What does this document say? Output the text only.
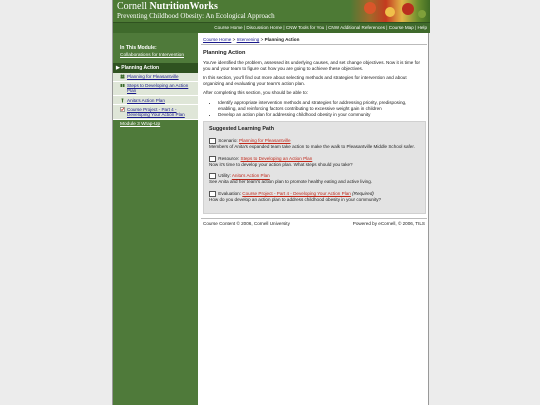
Cornell NutritionWorks
Preventing Childhood Obesity: An Ecological Approach
Course Home | Discussion Home | CNW Tools for You | CNW Additional References | Course Map | Help
In This Module:
Collaborations for Intervention
▶ Planning Action
Planning for Pleasantville
Steps to Developing an Action Plan
Anita's Action Plan
Course Project - Part 4 - Developing Your Action Plan
Module 3 Wrap-Up
Course Home > Intervening > Planning Action
Planning Action

You've identified the problem, assessed its underlying causes, and set change objectives. Now it is time for you and your team to figure out how you are going to achieve these objectives.

In this section, you'll find out more about selecting methods and strategies for intervention and about organizing and evaluating your team's action plan.

After completing this section, you should be able to:

• Identify appropriate intervention methods and strategies for addressing priority, predisposing, enabling, and reinforcing factors contributing to excessive weight gain in children
• Develop an action plan for addressing childhood obesity in your community
Suggested Learning Path
Scenario: Planning for Pleasantville
Members of Anita's expanded team take action to make the walk to Pleasantville Middle School safer.
Resource: Steps to Developing an Action Plan
Now it's time to develop your action plan. What steps should you take?
Utility: Anita's Action Plan
See Anita and her team's action plan to promote healthy eating and active living.
Evaluation: Course Project - Part 4 - Developing Your Action Plan (Required)
How do you develop an action plan to address childhood obesity in your community?
Course Content © 2006, Cornell University	Powered by eCornell, © 2006, TILS
